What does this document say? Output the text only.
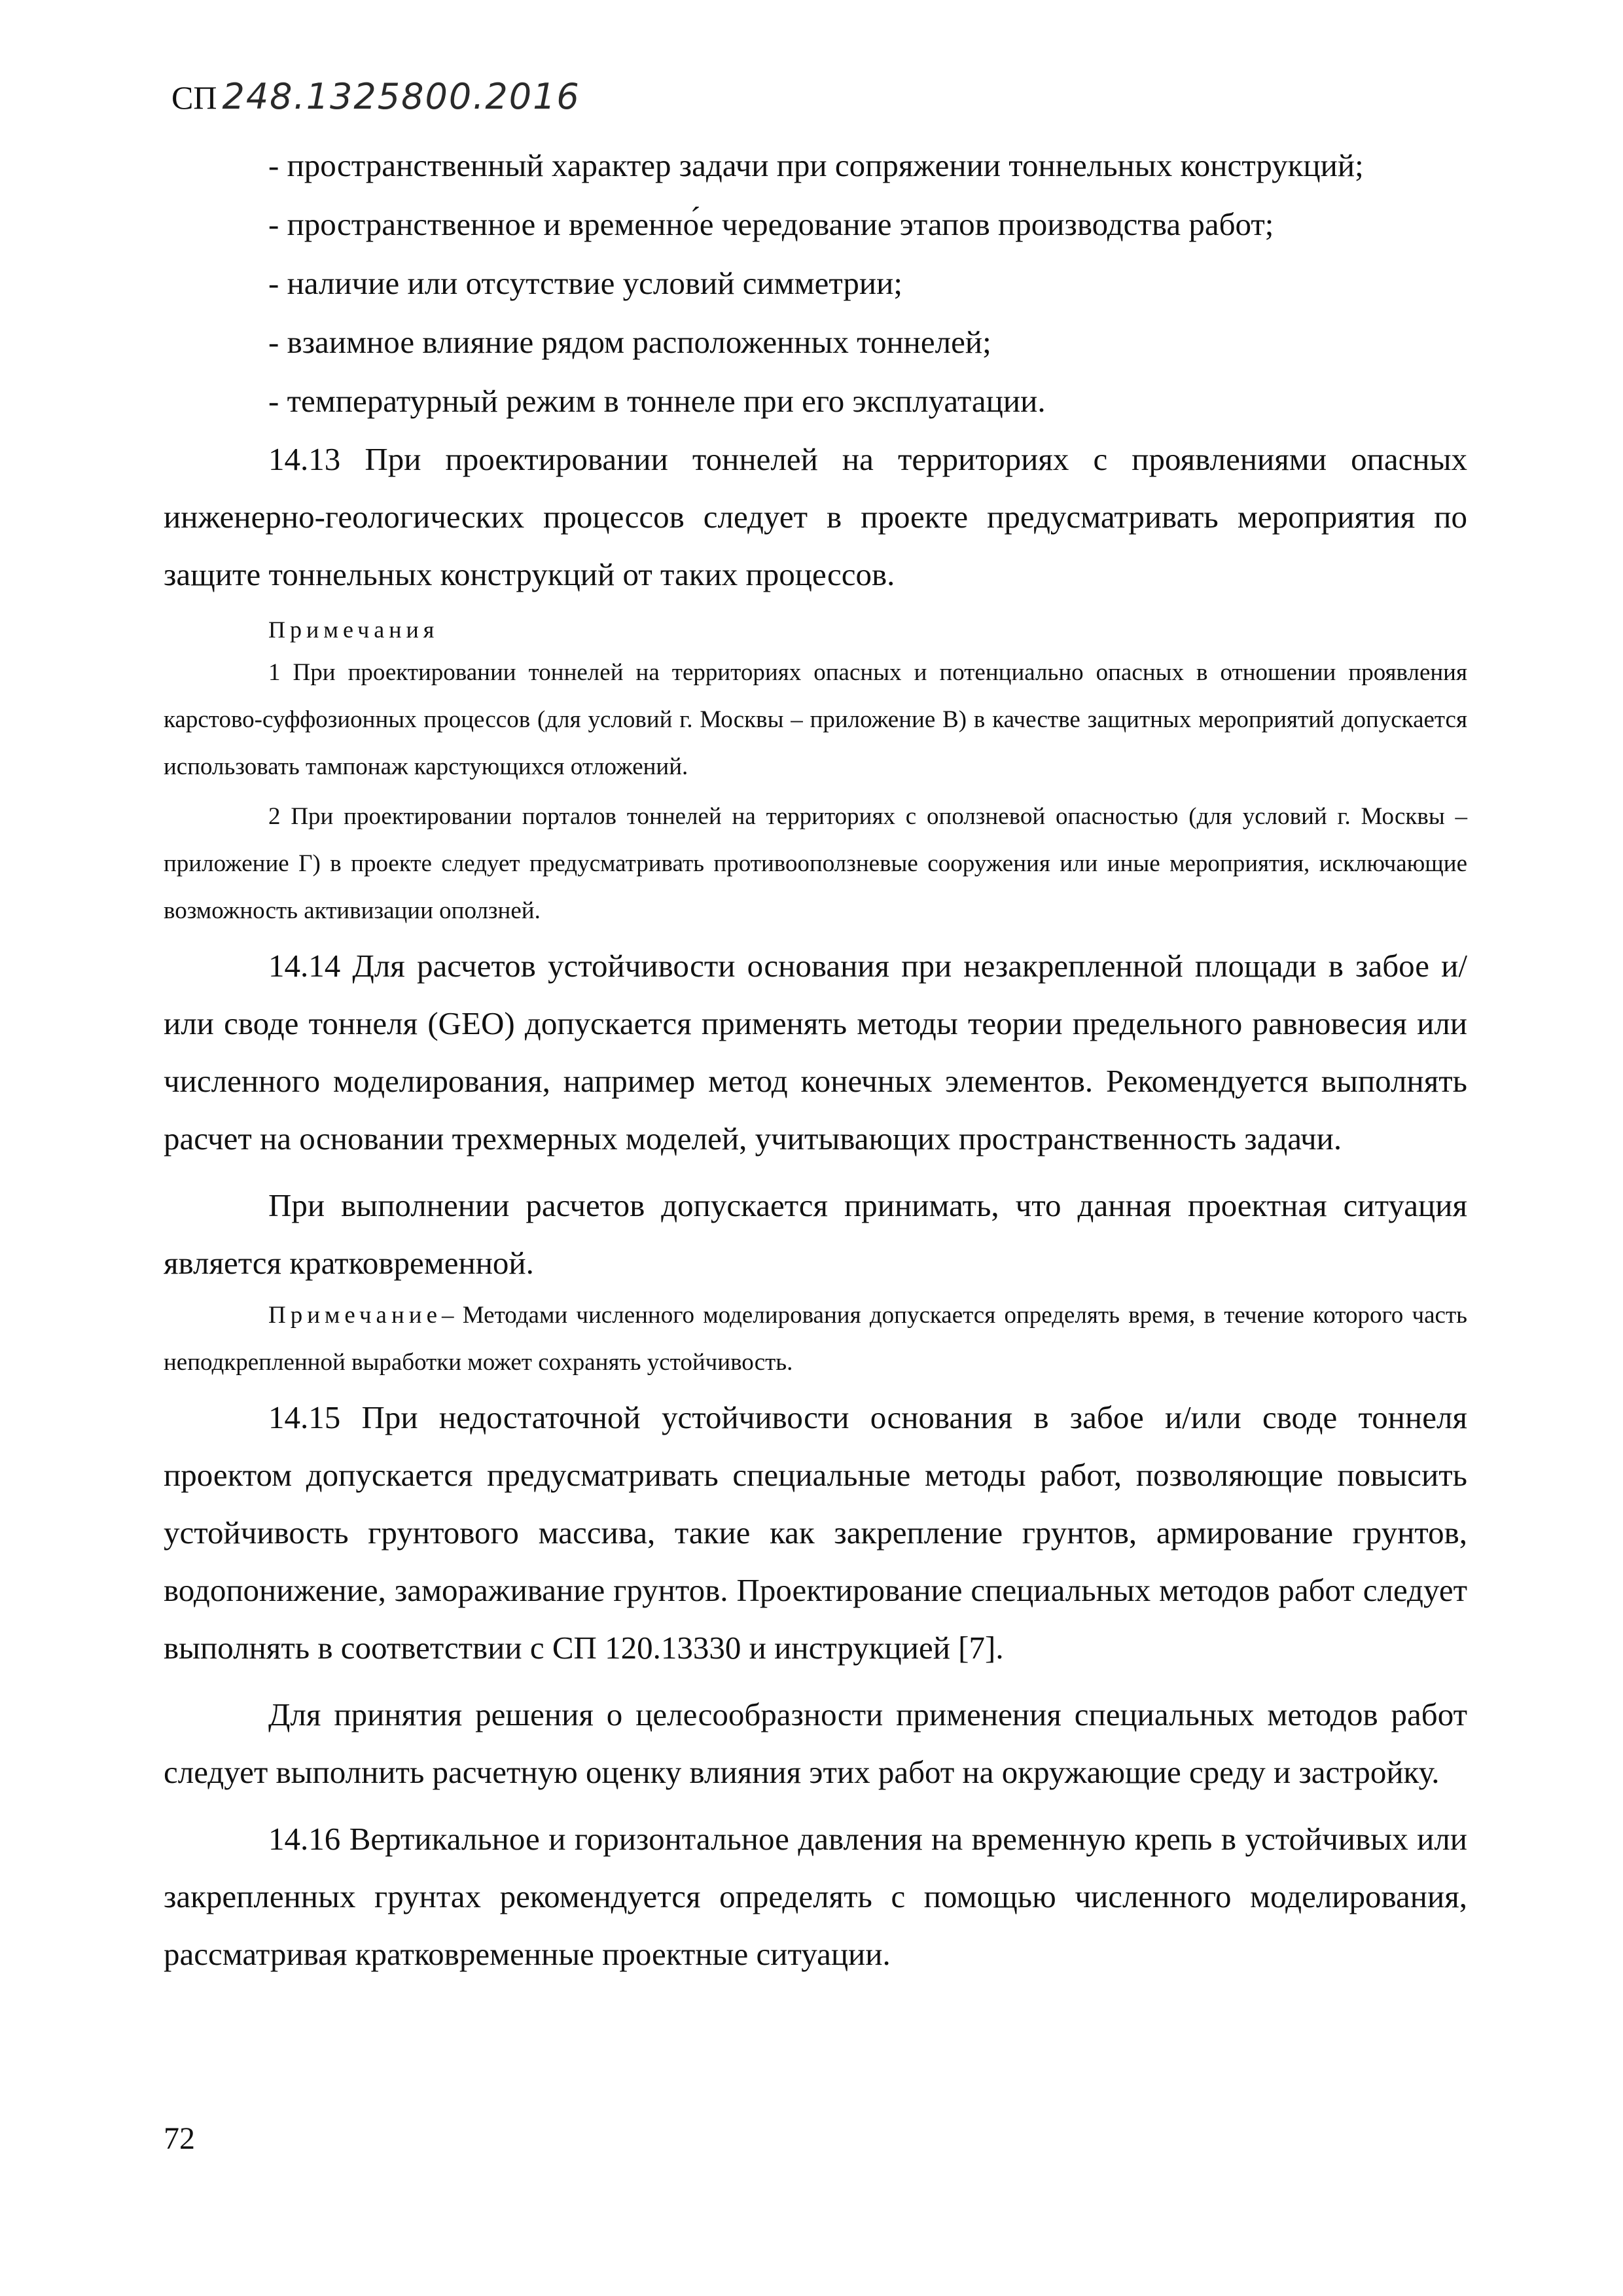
СП 248.1325800.2016

- пространственный характер задачи при сопряжении тоннельных конструкций;

- пространственное и временно́е чередование этапов производства работ;

- наличие или отсутствие условий симметрии;

- взаимное влияние рядом расположенных тоннелей;

- температурный режим в тоннеле при его эксплуатации.

14.13 При проектировании тоннелей на территориях с проявлениями опасных инженерно-геологических процессов следует в проекте предусматривать мероприятия по защите тоннельных конструкций от таких процессов.

Примечания

1 При проектировании тоннелей на территориях опасных и потенциально опасных в отношении проявления карстово-суффозионных процессов (для условий г. Москвы – приложение В) в качестве защитных мероприятий допускается использовать тампонаж карстующихся отложений.

2 При проектировании порталов тоннелей на территориях с оползневой опасностью (для условий г. Москвы – приложение Г) в проекте следует предусматривать противооползневые сооружения или иные мероприятия, исключающие возможность активизации оползней.

14.14 Для расчетов устойчивости основания при незакрепленной площади в забое и/или своде тоннеля (GEO) допускается применять методы теории предельного равновесия или численного моделирования, например метод конечных элементов. Рекомендуется выполнять расчет на основании трехмерных моделей, учитывающих пространственность задачи.

При выполнении расчетов допускается принимать, что данная проектная ситуация является кратковременной.

Примечание– Методами численного моделирования допускается определять время, в течение которого часть неподкрепленной выработки может сохранять устойчивость.

14.15 При недостаточной устойчивости основания в забое и/или своде тоннеля проектом допускается предусматривать специальные методы работ, позволяющие повысить устойчивость грунтового массива, такие как закрепление грунтов, армирование грунтов, водопонижение, замораживание грунтов. Проектирование специальных методов работ следует выполнять в соответствии с СП 120.13330 и инструкцией [7].

Для принятия решения о целесообразности применения специальных методов работ следует выполнить расчетную оценку влияния этих работ на окружающие среду и застройку.

14.16 Вертикальное и горизонтальное давления на временную крепь в устойчивых или закрепленных грунтах рекомендуется определять с помощью численного моделирования, рассматривая кратковременные проектные ситуации.

72
